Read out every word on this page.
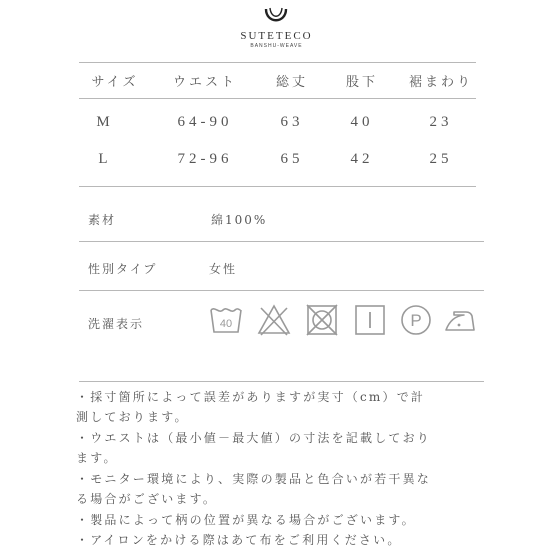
SUTETECO
BANSHU-WEAVE
サイズ	ウエスト	総丈	股下	裾まわり
M	64-90	63	40	23
L	72-96	65	42	25
素材	綿100%
性別タイプ	女性
洗濯表示	40	P
・採寸箇所によって誤差がありますが実寸（cm）で計
測しております。
・ウエストは（最小値－最大値）の寸法を記載しており
ます。
・モニター環境により、実際の製品と色合いが若干異な
る場合がございます。
・製品によって柄の位置が異なる場合がございます。
・アイロンをかける際はあて布をご利用ください。
